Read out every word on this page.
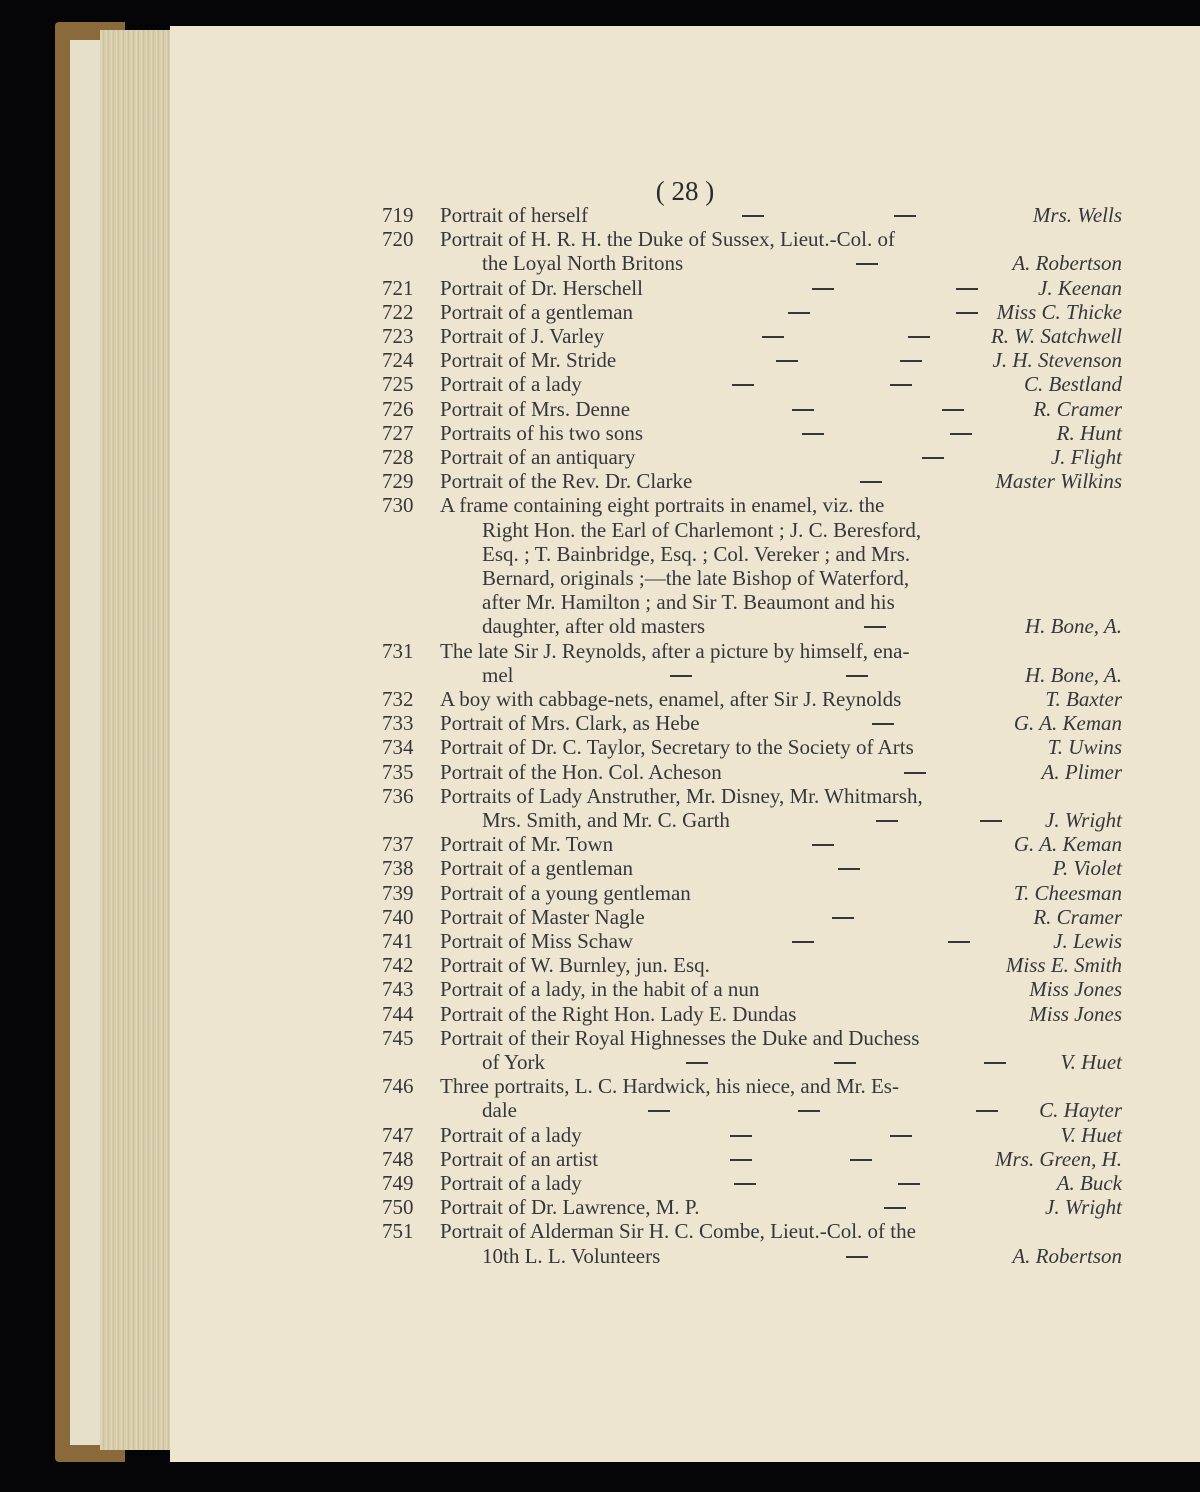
( 28 )
719	Portrait of herself	Mrs. Wells
720	Portrait of H. R. H. the Duke of Sussex, Lieut.-Col. of
the Loyal North Britons	A. Robertson
721	Portrait of Dr. Herschell	J. Keenan
722	Portrait of a gentleman	Miss C. Thicke
723	Portrait of J. Varley	R. W. Satchwell
724	Portrait of Mr. Stride	J. H. Stevenson
725	Portrait of a lady	C. Bestland
726	Portrait of Mrs. Denne	R. Cramer
727	Portraits of his two sons	R. Hunt
728	Portrait of an antiquary	J. Flight
729	Portrait of the Rev. Dr. Clarke	Master Wilkins
730	A frame containing eight portraits in enamel, viz. the
Right Hon. the Earl of Charlemont ; J. C. Beresford,
Esq. ; T. Bainbridge, Esq. ; Col. Vereker ; and Mrs.
Bernard, originals ;—the late Bishop of Waterford,
after Mr. Hamilton ; and Sir T. Beaumont and his
daughter, after old masters	H. Bone, A.
731	The late Sir J. Reynolds, after a picture by himself, ena-
mel	H. Bone, A.
732	A boy with cabbage-nets, enamel, after Sir J. Reynolds	T. Baxter
733	Portrait of Mrs. Clark, as Hebe	G. A. Keman
734	Portrait of Dr. C. Taylor, Secretary to the Society of Arts	T. Uwins
735	Portrait of the Hon. Col. Acheson	A. Plimer
736	Portraits of Lady Anstruther, Mr. Disney, Mr. Whitmarsh,
Mrs. Smith, and Mr. C. Garth	J. Wright
737	Portrait of Mr. Town	G. A. Keman
738	Portrait of a gentleman	P. Violet
739	Portrait of a young gentleman	T. Cheesman
740	Portrait of Master Nagle	R. Cramer
741	Portrait of Miss Schaw	J. Lewis
742	Portrait of W. Burnley, jun. Esq.	Miss E. Smith
743	Portrait of a lady, in the habit of a nun	Miss Jones
744	Portrait of the Right Hon. Lady E. Dundas	Miss Jones
745	Portrait of their Royal Highnesses the Duke and Duchess
of York	V. Huet
746	Three portraits, L. C. Hardwick, his niece, and Mr. Es-
dale	C. Hayter
747	Portrait of a lady	V. Huet
748	Portrait of an artist	Mrs. Green, H.
749	Portrait of a lady	A. Buck
750	Portrait of Dr. Lawrence, M. P.	J. Wright
751	Portrait of Alderman Sir H. C. Combe, Lieut.-Col. of the
10th L. L. Volunteers	A. Robertson
